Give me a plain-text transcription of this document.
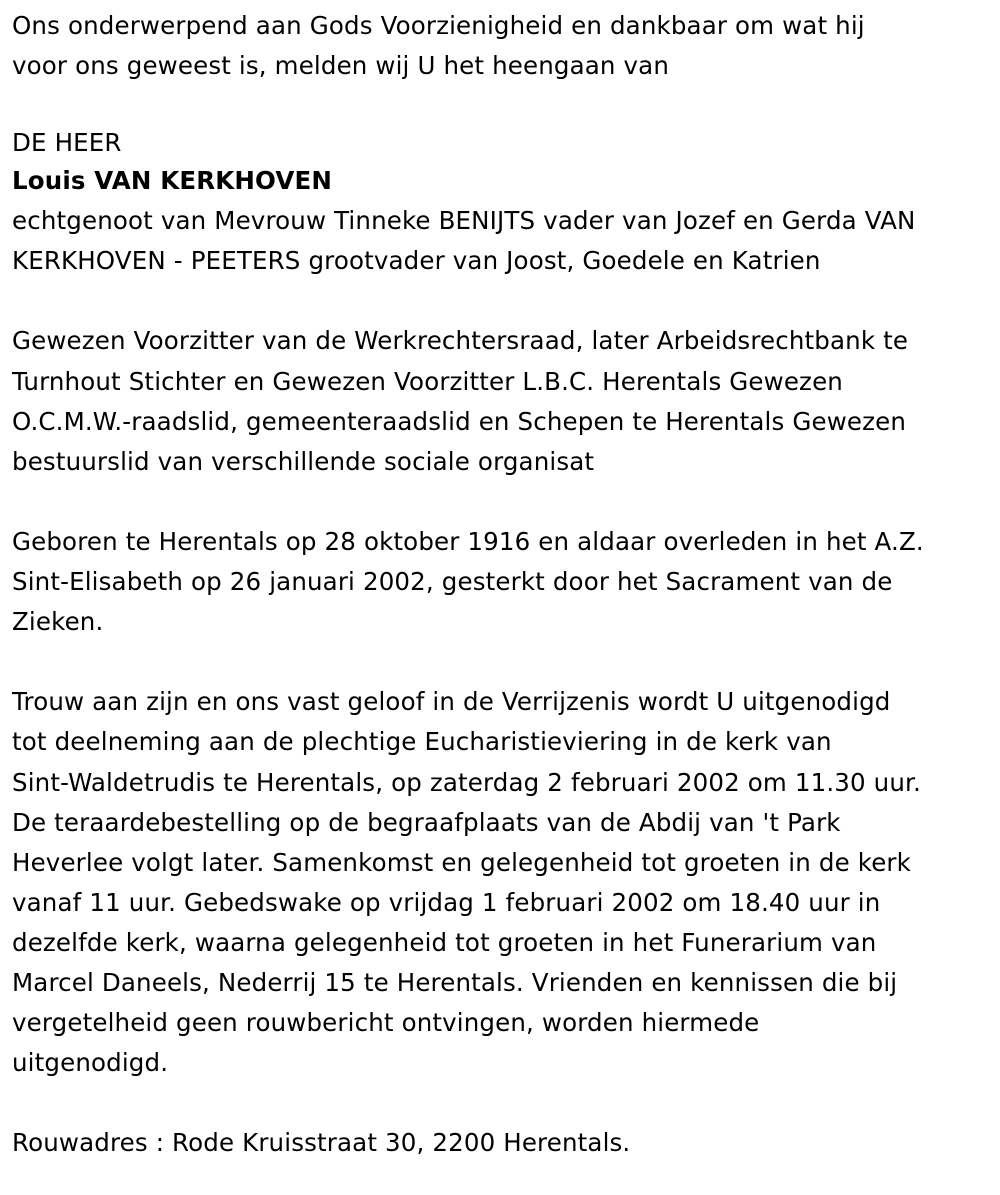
Ons onderwerpend aan Gods Voorzienigheid en dankbaar om wat hij
voor ons geweest is, melden wij U het heengaan van

DE HEER

Louis VAN KERKHOVEN

echtgenoot van Mevrouw Tinneke BENIJTS vader van Jozef en Gerda VAN
KERKHOVEN - PEETERS grootvader van Joost, Goedele en Katrien

Gewezen Voorzitter van de Werkrechtersraad, later Arbeidsrechtbank te
Turnhout Stichter en Gewezen Voorzitter L.B.C. Herentals Gewezen
O.C.M.W.-raadslid, gemeenteraadslid en Schepen te Herentals Gewezen
bestuurslid van verschillende sociale organisat

Geboren te Herentals op 28 oktober 1916 en aldaar overleden in het A.Z.
Sint-Elisabeth op 26 januari 2002, gesterkt door het Sacrament van de
Zieken.

Trouw aan zijn en ons vast geloof in de Verrijzenis wordt U uitgenodigd
tot deelneming aan de plechtige Eucharistieviering in de kerk van
Sint-Waldetrudis te Herentals, op zaterdag 2 februari 2002 om 11.30 uur.
De teraardebestelling op de begraafplaats van de Abdij van 't Park
Heverlee volgt later. Samenkomst en gelegenheid tot groeten in de kerk
vanaf 11 uur. Gebedswake op vrijdag 1 februari 2002 om 18.40 uur in
dezelfde kerk, waarna gelegenheid tot groeten in het Funerarium van
Marcel Daneels, Nederrij 15 te Herentals. Vrienden en kennissen die bij
vergetelheid geen rouwbericht ontvingen, worden hiermede
uitgenodigd.

Rouwadres : Rode Kruisstraat 30, 2200 Herentals.
